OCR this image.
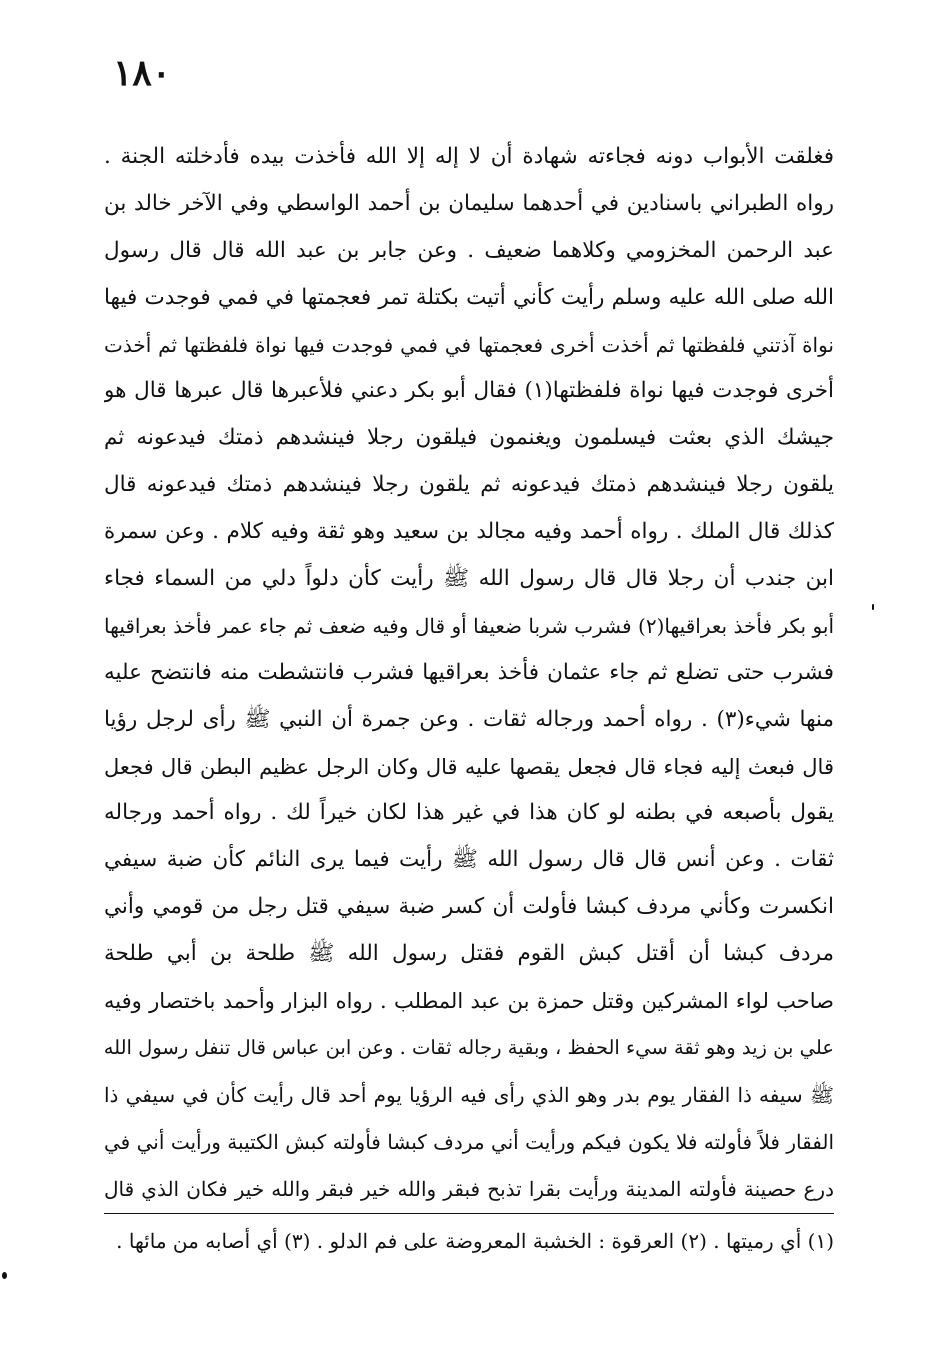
١٨٠
فغلقت الأبواب دونه فجاءته شهادة أن لا إله إلا الله فأخذت بيده فأدخلته الجنة .
رواه الطبراني باسنادين في أحدهما سليمان بن أحمد الواسطي وفي الآخر خالد بن
عبد الرحمن المخزومي وكلاهما ضعيف . وعن جابر بن عبد الله قال قال رسول
الله صلى الله عليه وسلم رأيت كأني أتيت بكتلة تمر فعجمتها في فمي فوجدت فيها
نواة آذتني فلفظتها ثم أخذت أخرى فعجمتها في فمي فوجدت فيها نواة فلفظتها ثم أخذت
أخرى فوجدت فيها نواة فلفظتها(١) فقال أبو بكر دعني فلأعبرها قال عبرها قال هو
جيشك الذي بعثت فيسلمون ويغنمون فيلقون رجلا فينشدهم ذمتك فيدعونه ثم
يلقون رجلا فينشدهم ذمتك فيدعونه ثم يلقون رجلا فينشدهم ذمتك فيدعونه قال
كذلك قال الملك . رواه أحمد وفيه مجالد بن سعيد وهو ثقة وفيه كلام . وعن سمرة
ابن جندب أن رجلا قال قال رسول الله ﷺ رأيت كأن دلواً دلي من السماء فجاء
أبو بكر فأخذ بعراقيها(٢) فشرب شربا ضعيفا أو قال وفيه ضعف ثم جاء عمر فأخذ بعراقيها
فشرب حتى تضلع ثم جاء عثمان فأخذ بعراقيها فشرب فانتشطت منه فانتضح عليه
منها شيء(٣) . رواه أحمد ورجاله ثقات . وعن جمرة أن النبي ﷺ رأى لرجل رؤيا
قال فبعث إليه فجاء قال فجعل يقصها عليه قال وكان الرجل عظيم البطن قال فجعل
يقول بأصبعه في بطنه لو كان هذا في غير هذا لكان خيراً لك . رواه أحمد ورجاله
ثقات . وعن أنس قال قال رسول الله ﷺ رأيت فيما يرى النائم كأن ضبة سيفي
انكسرت وكأني مردف كبشا فأولت أن كسر ضبة سيفي قتل رجل من قومي وأني
مردف كبشا أن أقتل كبش القوم فقتل رسول الله ﷺ طلحة بن أبي طلحة
صاحب لواء المشركين وقتل حمزة بن عبد المطلب . رواه البزار وأحمد باختصار وفيه
علي بن زيد وهو ثقة سيء الحفظ ، وبقية رجاله ثقات . وعن ابن عباس قال تنفل رسول الله
ﷺ سيفه ذا الفقار يوم بدر وهو الذي رأى فيه الرؤيا يوم أحد قال رأيت كأن في سيفي ذا
الفقار فلاً فأولته فلا يكون فيكم ورأيت أني مردف كبشا فأولته كبش الكتيبة ورأيت أني في
درع حصينة فأولته المدينة ورأيت بقرا تذبح فبقر والله خير فبقر والله خير فكان الذي قال
(١) أي رميتها . (٢) العرقوة : الخشبة المعروضة على فم الدلو . (٣) أي أصابه من مائها .
